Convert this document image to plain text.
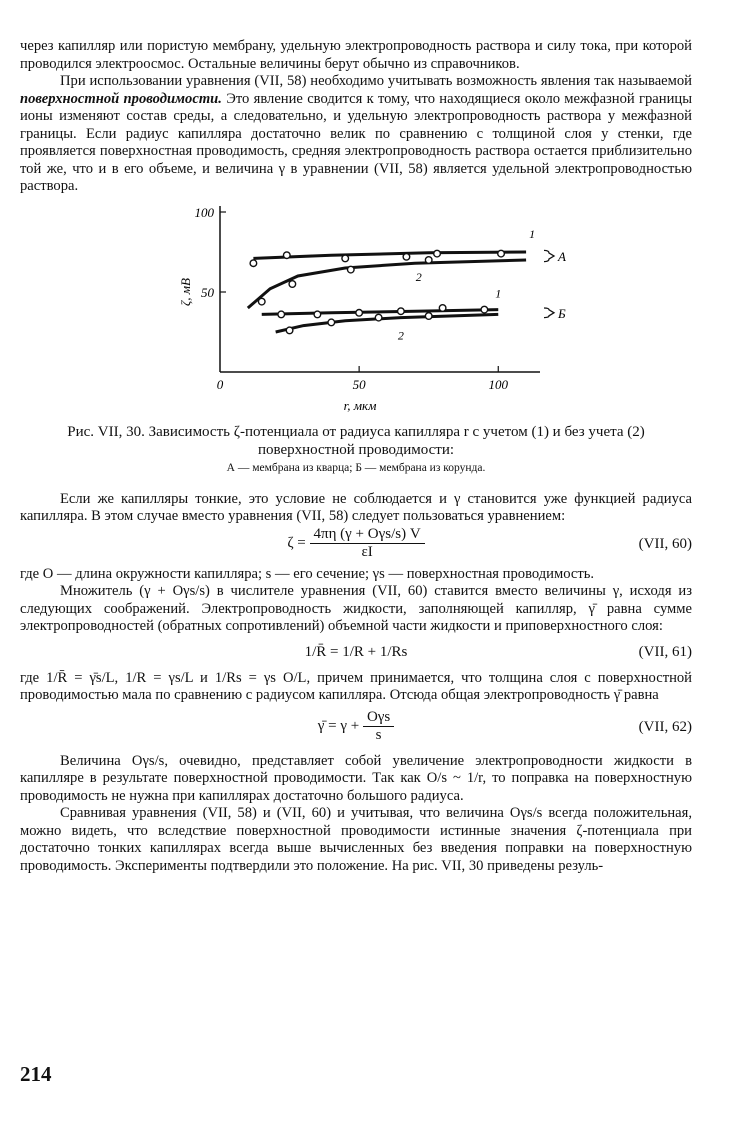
через капилляр или пористую мембрану, удельную электропроводность раствора и силу тока, при которой проводился электроосмос. Остальные величины берут обычно из справочников.

При использовании уравнения (VII, 58) необходимо учитывать возможность явления так называемой поверхностной проводимости. Это явление сводится к тому, что находящиеся около межфазной границы ионы изменяют состав среды, а следовательно, и удельную электропроводность раствора у межфазной границы. Если радиус капилляра достаточно велик по сравнению с толщиной слоя у стенки, где проявляется поверхностная проводимость, средняя электропроводность раствора остается приблизительно той же, что и в его объеме, и величина γ в уравнении (VII, 58) является удельной электропроводностью раствора.

0	50	100
50
100
r, мкм
ζ, мВ
1
2
1
2
А
Б
Рис. VII, 30. Зависимость ζ-потенциала от радиуса капилляра r с учетом (1) и без учета (2) поверхностной проводимости:
А — мембрана из кварца; Б — мембрана из корунда.

Если же капилляры тонкие, это условие не соблюдается и γ становится уже функцией радиуса капилляра. В этом случае вместо уравнения (VII, 58) следует пользоваться уравнением:

$\zeta = \frac{\text{4πη (γ + Oγs/s) V}}{\varepsilon I}$	(VII, 60)

где O — длина окружности капилляра; s — его сечение; γs — поверхностная проводимость.

Множитель (γ + Oγs/s) в числителе уравнения (VII, 60) ставится вместо величины γ, исходя из следующих соображений. Электропроводность жидкости, заполняющей капилляр, γ̄ равна сумме электропроводностей (обратных сопротивлений) объемной части жидкости и приповерхностного слоя:

1/R̄ = 1/R + 1/Rs	(VII, 61)

где 1/R̄ = γ̄s/L, 1/R = γs/L и 1/Rs = γs O/L, причем принимается, что толщина слоя с поверхностной проводимостью мала по сравнению с радиусом капилляра. Отсюда общая электропроводность γ̄ равна

γ̄ = $\gamma + \frac{\text{Oγs}}{s}$	(VII, 62)

Величина Oγs/s, очевидно, представляет собой увеличение электропроводности жидкости в капилляре в результате поверхностной проводимости. Так как O/s ~ 1/r, то поправка на поверхностную проводимость не нужна при капиллярах достаточно большого радиуса.

Сравнивая уравнения (VII, 58) и (VII, 60) и учитывая, что величина Oγs/s всегда положительная, можно видеть, что вследствие поверхностной проводимости истинные значения ζ-потенциала при достаточно тонких капиллярах всегда выше вычисленных без введения поправки на поверхностную проводимость. Эксперименты подтвердили это положение. На рис. VII, 30 приведены резуль-

214
